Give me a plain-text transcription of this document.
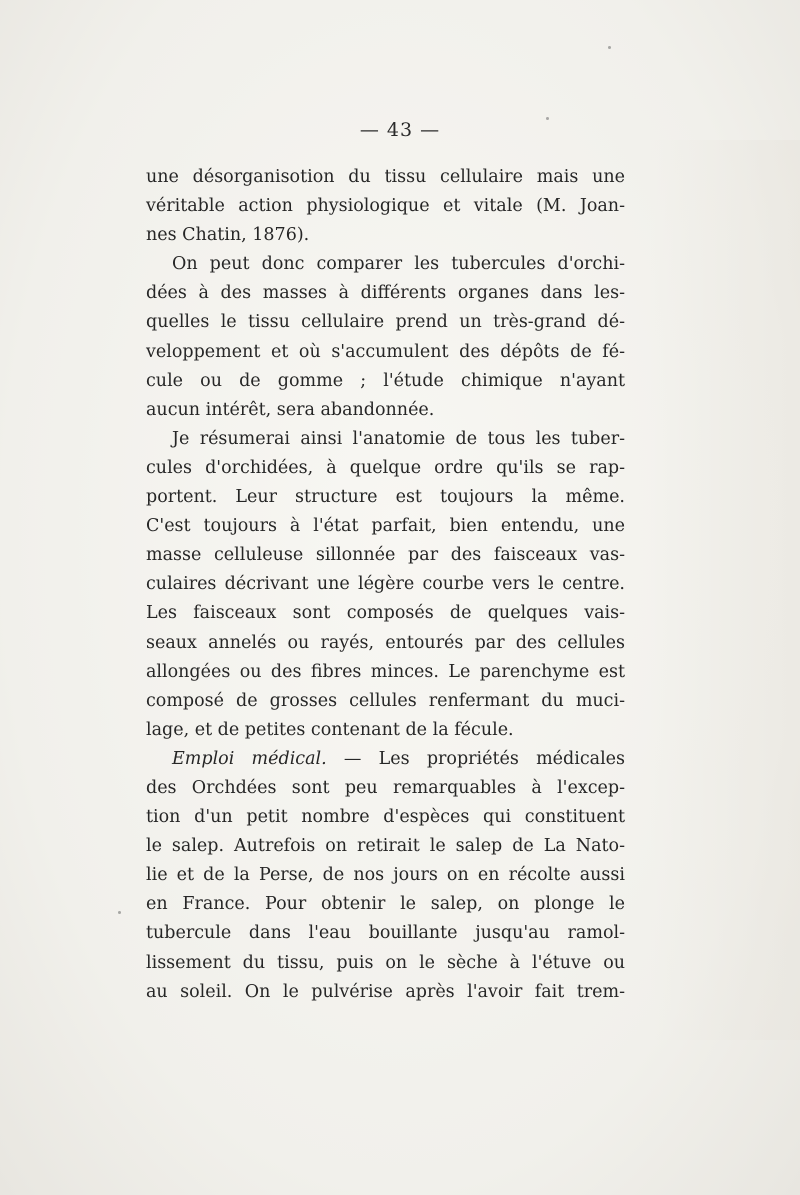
— 43 —
une désorganisotion du tissu cellulaire mais une
véritable action physiologique et vitale (M. Joan-
nes Chatin, 1876).
On peut donc comparer les tubercules d'orchi-
dées à des masses à différents organes dans les-
quelles le tissu cellulaire prend un très-grand dé-
veloppement et où s'accumulent des dépôts de fé-
cule ou de gomme ; l'étude chimique n'ayant
aucun intérêt, sera abandonnée.
Je résumerai ainsi l'anatomie de tous les tuber-
cules d'orchidées, à quelque ordre qu'ils se rap-
portent. Leur structure est toujours la même.
C'est toujours à l'état parfait, bien entendu, une
masse celluleuse sillonnée par des faisceaux vas-
culaires décrivant une légère courbe vers le centre.
Les faisceaux sont composés de quelques vais-
seaux annelés ou rayés, entourés par des cellules
allongées ou des fibres minces. Le parenchyme est
composé de grosses cellules renfermant du muci-
lage, et de petites contenant de la fécule.
Emploi médical. — Les propriétés médicales
des Orchdées sont peu remarquables à l'excep-
tion d'un petit nombre d'espèces qui constituent
le salep. Autrefois on retirait le salep de La Nato-
lie et de la Perse, de nos jours on en récolte aussi
en France. Pour obtenir le salep, on plonge le
tubercule dans l'eau bouillante jusqu'au ramol-
lissement du tissu, puis on le sèche à l'étuve ou
au soleil. On le pulvérise après l'avoir fait trem-
